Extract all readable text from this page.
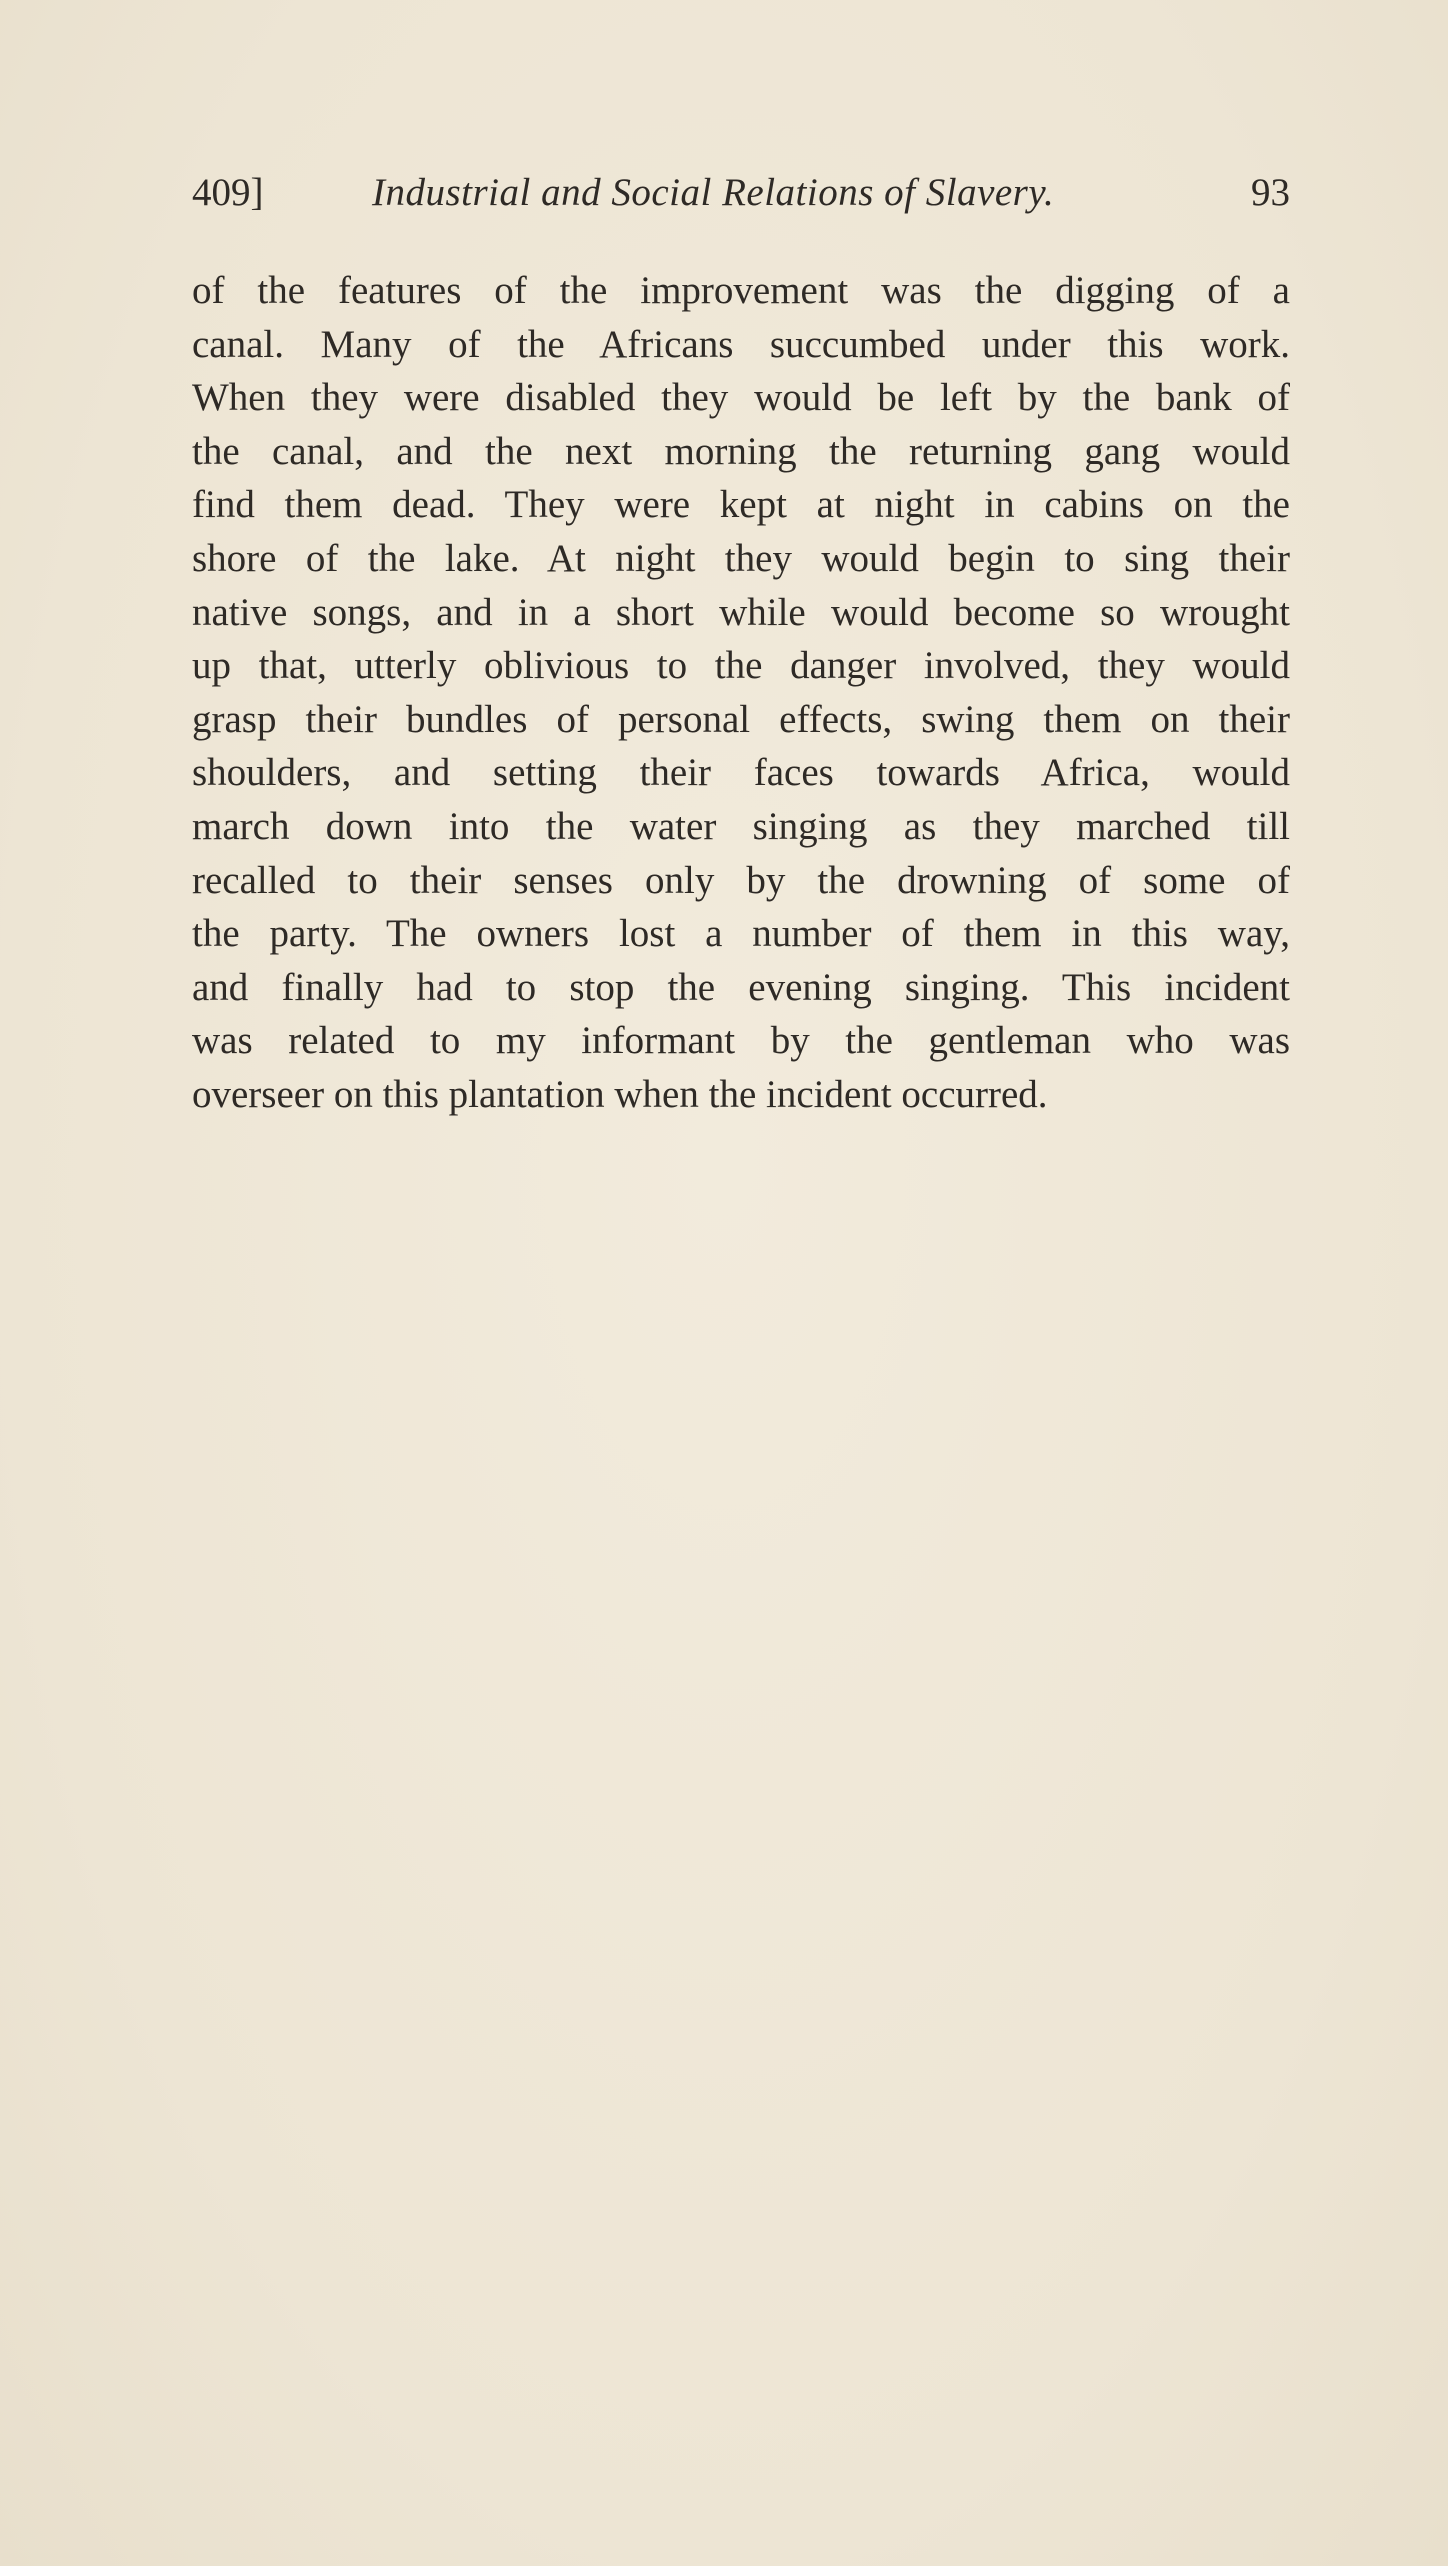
409]	Industrial and Social Relations of Slavery.	93
of the features of the improvement was the digging of a
canal. Many of the Africans succumbed under this work.
When they were disabled they would be left by the bank of
the canal, and the next morning the returning gang would
find them dead. They were kept at night in cabins on the
shore of the lake. At night they would begin to sing their
native songs, and in a short while would become so wrought
up that, utterly oblivious to the danger involved, they would
grasp their bundles of personal effects, swing them on their
shoulders, and setting their faces towards Africa, would
march down into the water singing as they marched till
recalled to their senses only by the drowning of some of
the party. The owners lost a number of them in this way,
and finally had to stop the evening singing. This incident
was related to my informant by the gentleman who was
overseer on this plantation when the incident occurred.
